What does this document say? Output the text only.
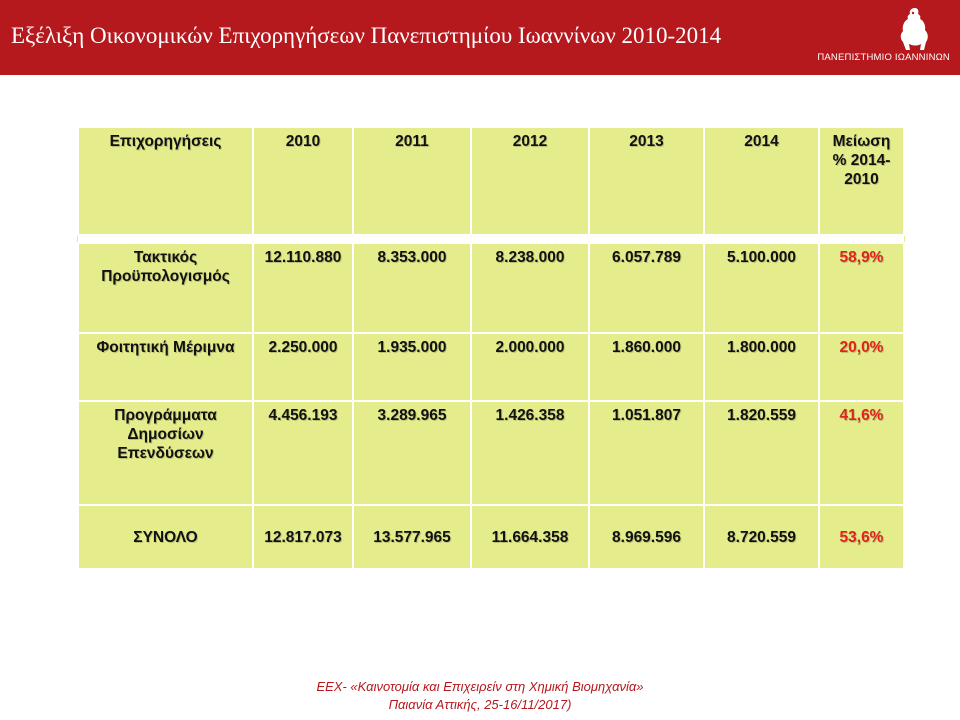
Εξέλιξη Οικονομικών Επιχορηγήσεων Πανεπιστημίου Ιωαννίνων 2010-2014
ΠΑΝΕΠΙΣΤΗΜΙΟ ΙΩΑΝΝΙΝΩΝ
Επιχορηγήσεις	2010	2011	2012	2013	2014	Μείωση % 2014-2010

Τακτικός Προϋπολογισμός	12.110.880	8.353.000	8.238.000	6.057.789	5.100.000	58,9%
Φοιτητική Μέριμνα	2.250.000	1.935.000	2.000.000	1.860.000	1.800.000	20,0%
Προγράμματα Δημοσίων Επενδύσεων	4.456.193	3.289.965	1.426.358	1.051.807	1.820.559	41,6%
ΣΥΝΟΛΟ	12.817.073	13.577.965	11.664.358	8.969.596	8.720.559	53,6%
ΕΕΧ- «Καινοτομία και Επιχειρείν στη Χημική Βιομηχανία»
Παιανία Αττικής, 25-16/11/2017)
